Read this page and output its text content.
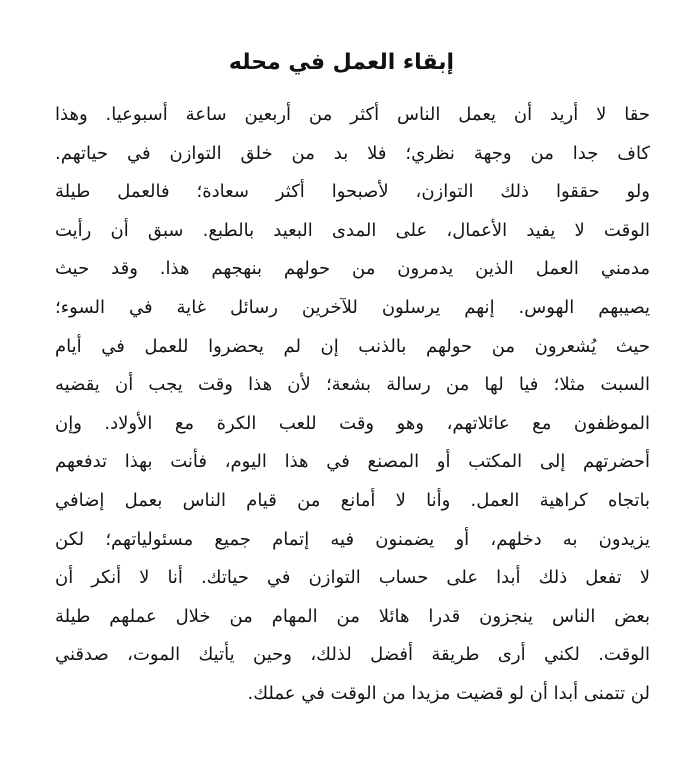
إبقاء العمل في محله
حقا لا أريد أن يعمل الناس أكثر من أربعين ساعة أسبوعيا. وهذا
كاف جدا من وجهة نظري؛ فلا بد من خلق التوازن في حياتهم.
ولو حققوا ذلك التوازن، لأصبحوا أكثر سعادة؛ فالعمل طيلة
الوقت لا يفيد الأعمال، على المدى البعيد بالطبع. سبق أن رأيت
مدمني العمل الذين يدمرون من حولهم بنهجهم هذا. وقد حيث
يصيبهم الهوس. إنهم يرسلون للآخرين رسائل غاية في السوء؛
حيث يُشعرون من حولهم بالذنب إن لم يحضروا للعمل في أيام
السبت مثلا؛ فيا لها من رسالة بشعة؛ لأن هذا وقت يجب أن يقضيه
الموظفون مع عائلاتهم، وهو وقت للعب الكرة مع الأولاد. وإن
أحضرتهم إلى المكتب أو المصنع في هذا اليوم، فأنت بهذا تدفعهم
باتجاه كراهية العمل. وأنا لا أمانع من قيام الناس بعمل إضافي
يزيدون به دخلهم، أو يضمنون فيه إتمام جميع مسئولياتهم؛ لكن
لا تفعل ذلك أبدا على حساب التوازن في حياتك. أنا لا أنكر أن
بعض الناس ينجزون قدرا هائلا من المهام من خلال عملهم طيلة
الوقت. لكني أرى طريقة أفضل لذلك، وحين يأتيك الموت، صدقني
لن تتمنى أبدا أن لو قضيت مزيدا من الوقت في عملك.
